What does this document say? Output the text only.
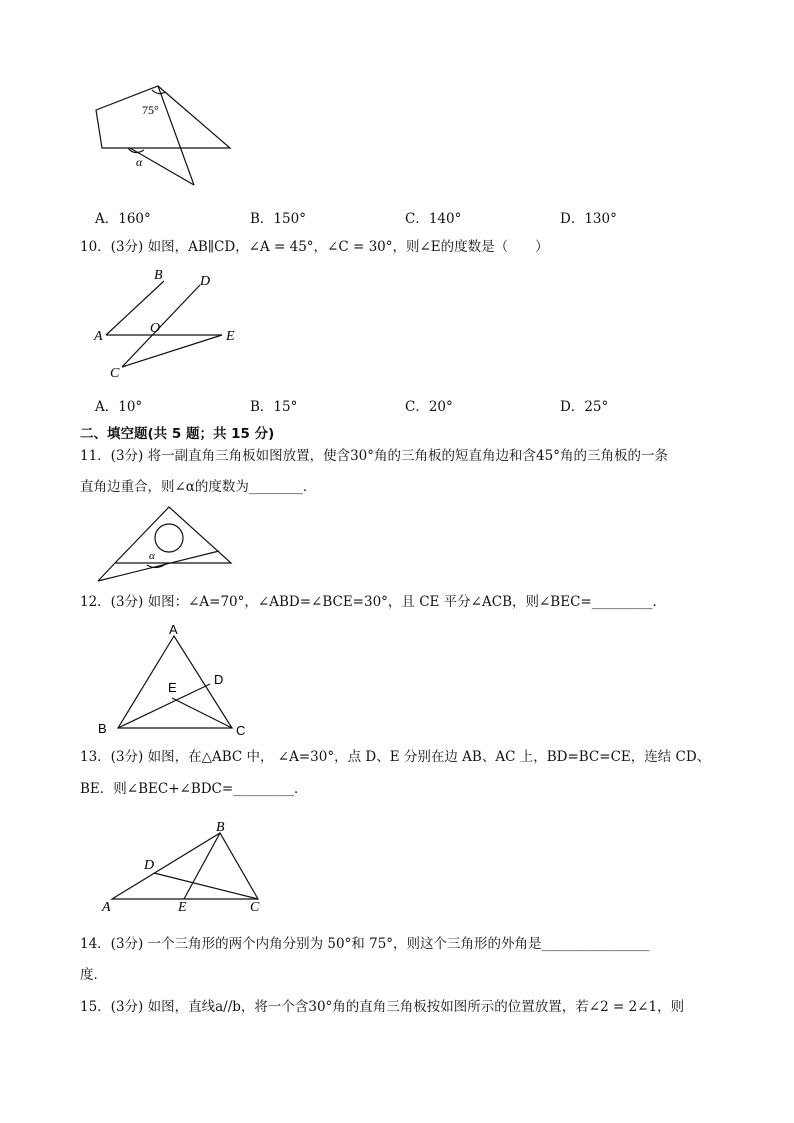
75°
α
A．160°	B．150°	C．140°	D．130°
10．(3分) 如图，AB∥CD，∠A = 45°，∠C = 30°，则∠E的度数是（　　）
A
B
C
D
E
O
A．10°	B．15°	C．20°	D．25°
二、填空题(共 5 题；共 15 分)
11．(3分) 将一副直角三角板如图放置，使含30°角的三角板的短直角边和含45°角的三角板的一条
直角边重合，则∠α的度数为________．
α
12．(3分) 如图：∠A=70°，∠ABD=∠BCE=30°，且 CE 平分∠ACB，则∠BEC=_________．
A
B	C
D
E
13．(3分) 如图，在△ABC 中， ∠A=30°，点 D、E 分别在边 AB、AC 上，BD=BC=CE，连结 CD、
BE．则∠BEC+∠BDC=_________．
A
B
C
D
E
14．(3分) 一个三角形的两个内角分别为 50°和 75°，则这个三角形的外角是________________
度．
15．(3分) 如图，直线a//b，将一个含30°角的直角三角板按如图所示的位置放置，若∠2 = 2∠1，则
